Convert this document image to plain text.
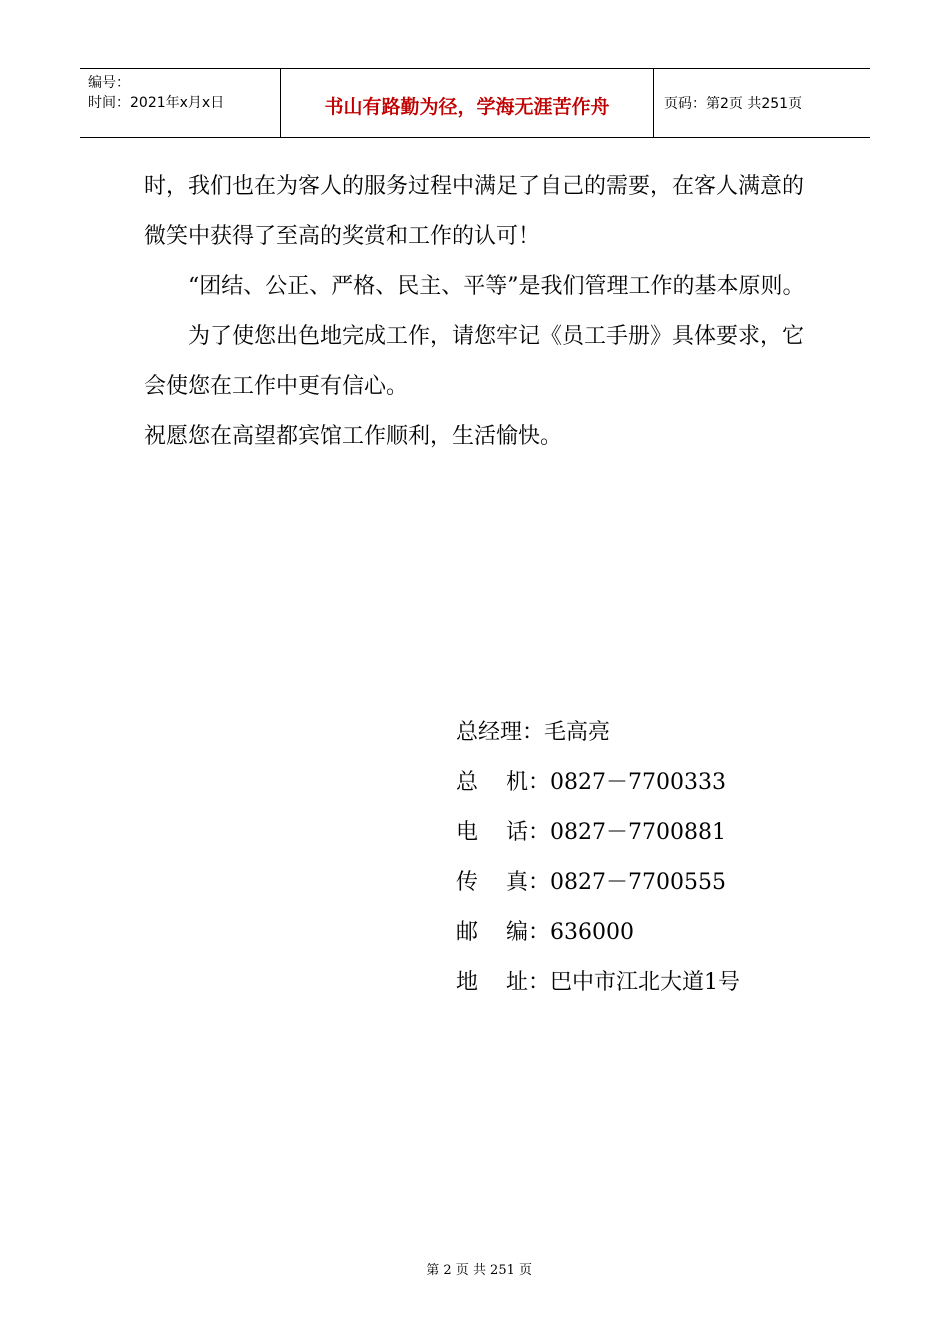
编号：
时间：2021年x月x日	书山有路勤为径，学海无涯苦作舟	页码：第2页 共251页

时，我们也在为客人的服务过程中满足了自己的需要，在客人满意的微笑中获得了至高的奖赏和工作的认可！

“团结、公正、严格、民主、平等”是我们管理工作的基本原则。

为了使您出色地完成工作，请您牢记《员工手册》具体要求，它会使您在工作中更有信心。

祝愿您在高望都宾馆工作顺利，生活愉快。

总经理： 毛高亮
总    机： 0827－7700333
电    话： 0827－7700881
传    真： 0827－7700555
邮    编： 636000
地    址： 巴中市江北大道1号

第 2 页 共 251 页
